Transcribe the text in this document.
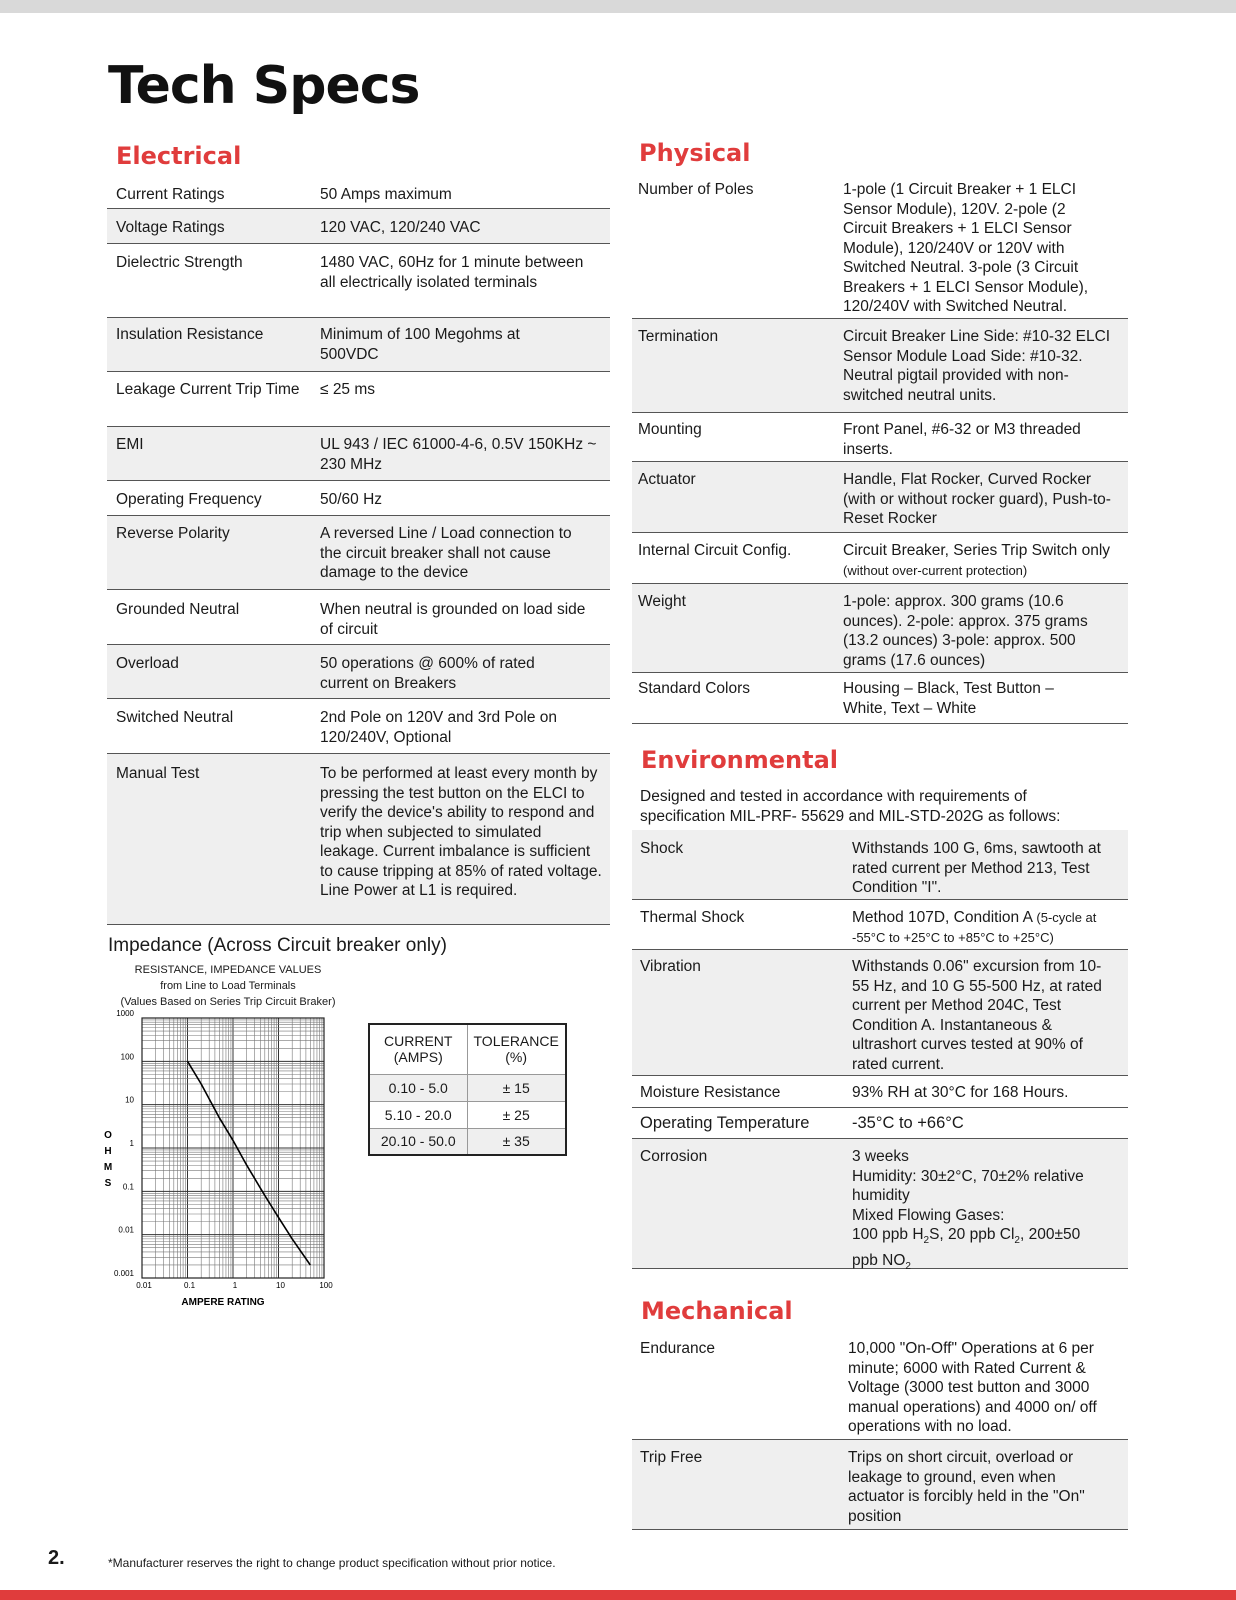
Tech Specs
Electrical
Current Ratings	50 Amps maximum
Voltage Ratings	120 VAC, 120/240 VAC
Dielectric Strength	1480 VAC, 60Hz for 1 minute between all electrically isolated terminals
Insulation Resistance	Minimum of 100 Megohms at 500VDC
Leakage Current Trip Time	≤ 25 ms
EMI	UL 943 / IEC 61000-4-6, 0.5V 150KHz ~ 230 MHz
Operating Frequency	50/60 Hz
Reverse Polarity	A reversed Line / Load connection to the circuit breaker shall not cause damage to the device
Grounded Neutral	When neutral is grounded on load side of circuit
Overload	50 operations @ 600% of rated current on Breakers
Switched Neutral	2nd Pole on 120V and 3rd Pole on 120/240V, Optional
Manual Test	To be performed at least every month by pressing the test button on the ELCI to verify the device's ability to respond and trip when subjected to simulated leakage. Current imbalance is sufficient to cause tripping at 85% of rated voltage. Line Power at L1 is required.
Impedance (Across Circuit breaker only)
RESISTANCE, IMPEDANCE VALUES
from Line to Load Terminals
(Values Based on Series Trip Circuit Braker)
1000
100
10
1
0.1
0.01
0.001
0.01	0.1	1	10	100
AMPERE RATING
O
H
M
S
CURRENT (AMPS)	TOLERANCE (%)
0.10 - 5.0	± 15
5.10 - 20.0	± 25
20.10 - 50.0	± 35
Physical
Number of Poles	1-pole (1 Circuit Breaker + 1 ELCI Sensor Module), 120V. 2-pole (2 Circuit Breakers + 1 ELCI Sensor Module), 120/240V or 120V with Switched Neutral. 3-pole (3 Circuit Breakers + 1 ELCI Sensor Module), 120/240V with Switched Neutral.
Termination	Circuit Breaker Line Side: #10-32 ELCI Sensor Module Load Side: #10-32. Neutral pigtail provided with non-switched neutral units.
Mounting	Front Panel, #6-32 or M3 threaded inserts.
Actuator	Handle, Flat Rocker, Curved Rocker (with or without rocker guard), Push-to-Reset Rocker
Internal Circuit Config.	Circuit Breaker, Series Trip Switch only
(without over-current protection)
Weight	1-pole: approx. 300 grams (10.6 ounces). 2-pole: approx. 375 grams (13.2 ounces) 3-pole: approx. 500 grams (17.6 ounces)
Standard Colors	Housing – Black, Test Button – White, Text – White
Environmental
Designed and tested in accordance with requirements of specification MIL-PRF- 55629 and MIL-STD-202G as follows:
Shock	Withstands 100 G, 6ms, sawtooth at rated current per Method 213, Test Condition "I".
Thermal Shock	Method 107D, Condition A (5-cycle at -55°C to +25°C to +85°C to +25°C)
Vibration	Withstands 0.06" excursion from 10-55 Hz, and 10 G 55-500 Hz, at rated current per Method 204C, Test Condition A. Instantaneous & ultrashort curves tested at 90% of rated current.
Moisture Resistance	93% RH at 30°C for 168 Hours.
Operating Temperature	-35°C to +66°C
Corrosion	3 weeks
Humidity: 30±2°C, 70±2% relative humidity
Mixed Flowing Gases:
100 ppb $H_2S$, 20 ppb $Cl_2$, 200±50 ppb $NO_2$
Mechanical
Endurance	10,000 "On-Off" Operations at 6 per minute; 6000 with Rated Current & Voltage (3000 test button and 3000 manual operations) and 4000 on/ off operations with no load.
Trip Free	Trips on short circuit, overload or leakage to ground, even when actuator is forcibly held in the "On" position
2.	*Manufacturer reserves the right to change product specification without prior notice.
